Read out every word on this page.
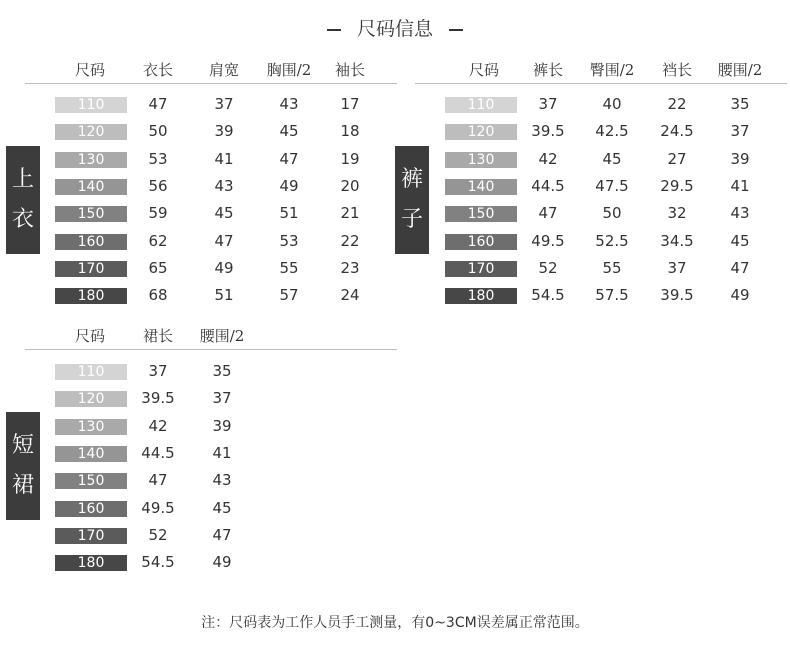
尺码信息
上
衣
尺码	衣长 肩宽 胸围/2 袖长
110	47	37	43	17
120	50	39	45	18
130	53	41	47	19
140	56	43	49	20
150	59	45	51	21
160	62	47	53	22
170	65	49	55	23
180	68	51	57	24
裤
子
尺码 裤长 臀围/2 裆长 腰围/2
110	37	40	22	35
120	39.5 42.5 24.5 37
130	42	45	27	39
140	44.5 47.5 29.5 41
150	47	50	32	43
160	49.5 52.5 34.5 45
170	52	55	37	47
180	54.5 57.5 39.5 49
短
裙
尺码	裙长 腰围/2
110	37	35
120	39.5	37
130	42	39
140	44.5	41
150	47	43
160	49.5	45
170	52	47
180	54.5	49
注：尺码表为工作人员手工测量，有0~3CM误差属正常范围。
